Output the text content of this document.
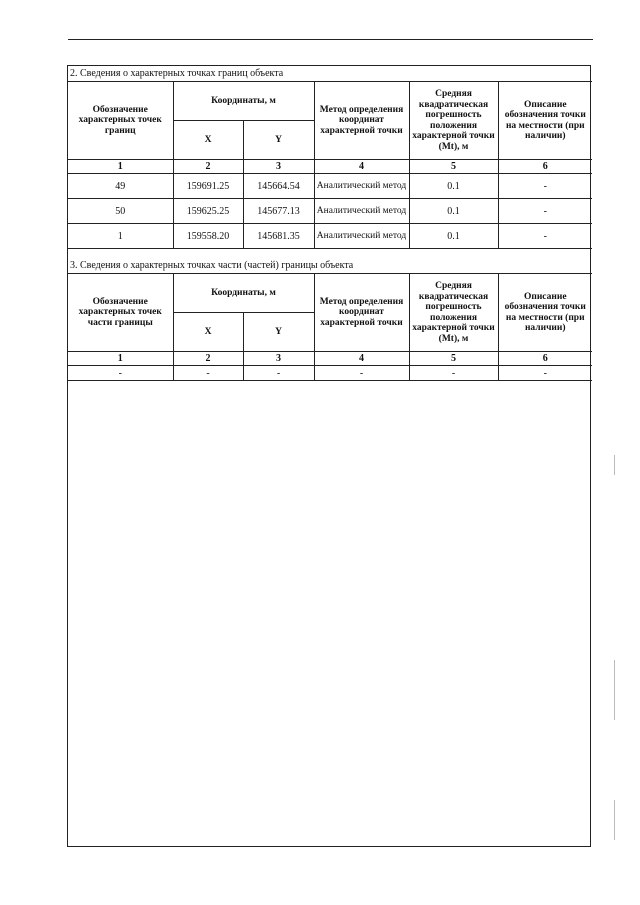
2. Сведения о характерных точках границ объекта					
Обозначение характерных точек границ	Координаты, м		Метод определения координат характерной точки	Средняя квадратическая погрешность положения характерной точки (Mt), м	Описание обозначения точки на местности (при наличии)
	X	Y			
1	2	3	4	5	6
49	159691.25	145664.54	Аналитический метод	0.1	-
50	159625.25	145677.13	Аналитический метод	0.1	-
1	159558.20	145681.35	Аналитический метод	0.1	-
3. Сведения о характерных точках части (частей) границы объекта					
Обозначение характерных точек части границы	Координаты, м		Метод определения координат характерной точки	Средняя квадратическая погрешность положения характерной точки (Mt), м	Описание обозначения точки на местности (при наличии)
	X	Y			
1	2	3	4	5	6
-	-	-	-	-	-
